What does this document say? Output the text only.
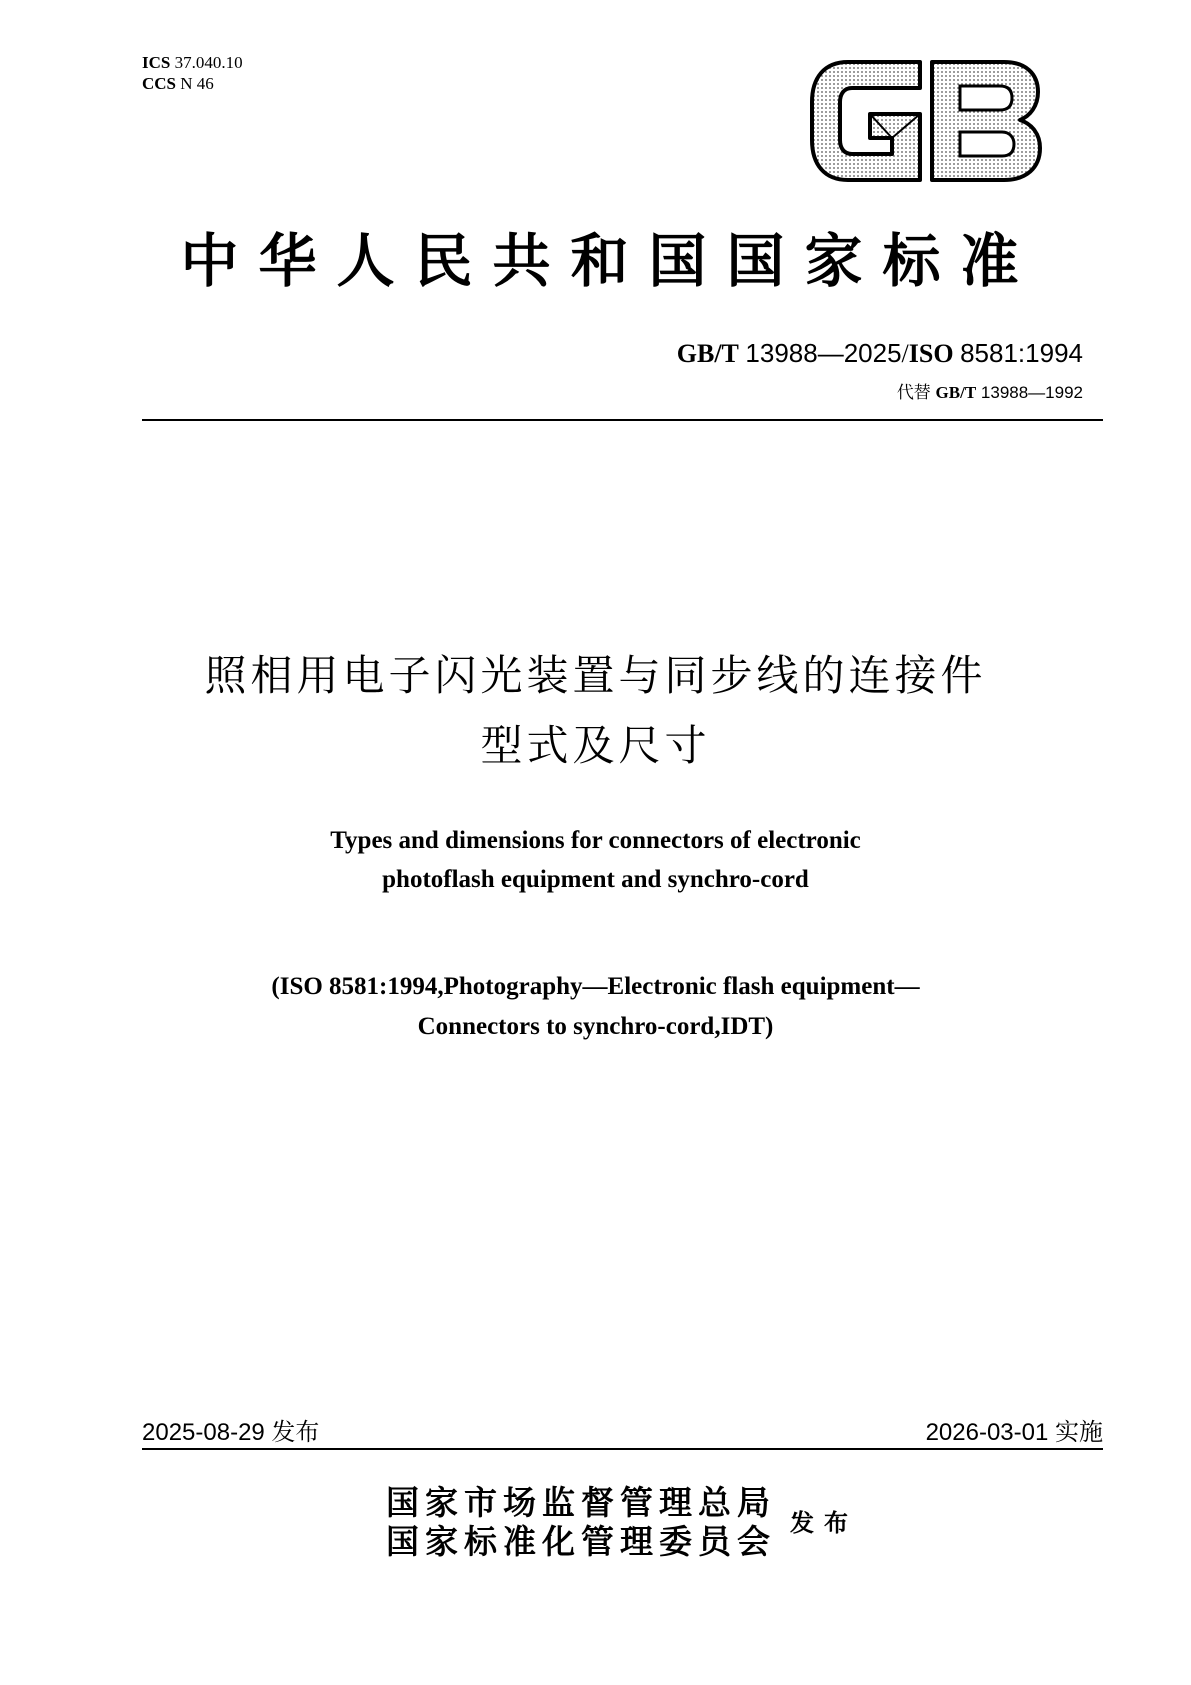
ICS 37.040.10
CCS N 46
中华人民共和国国家标准
GB/T 13988—2025/ISO 8581:1994
代替 GB/T 13988—1992
照相用电子闪光装置与同步线的连接件
型式及尺寸
Types and dimensions for connectors of electronic
photoflash equipment and synchro-cord
(ISO 8581:1994,Photography—Electronic flash equipment—
Connectors to synchro-cord,IDT)
2025-08-29 发布	2026-03-01 实施
国家市场监督管理总局
国家标准化管理委员会 发布
